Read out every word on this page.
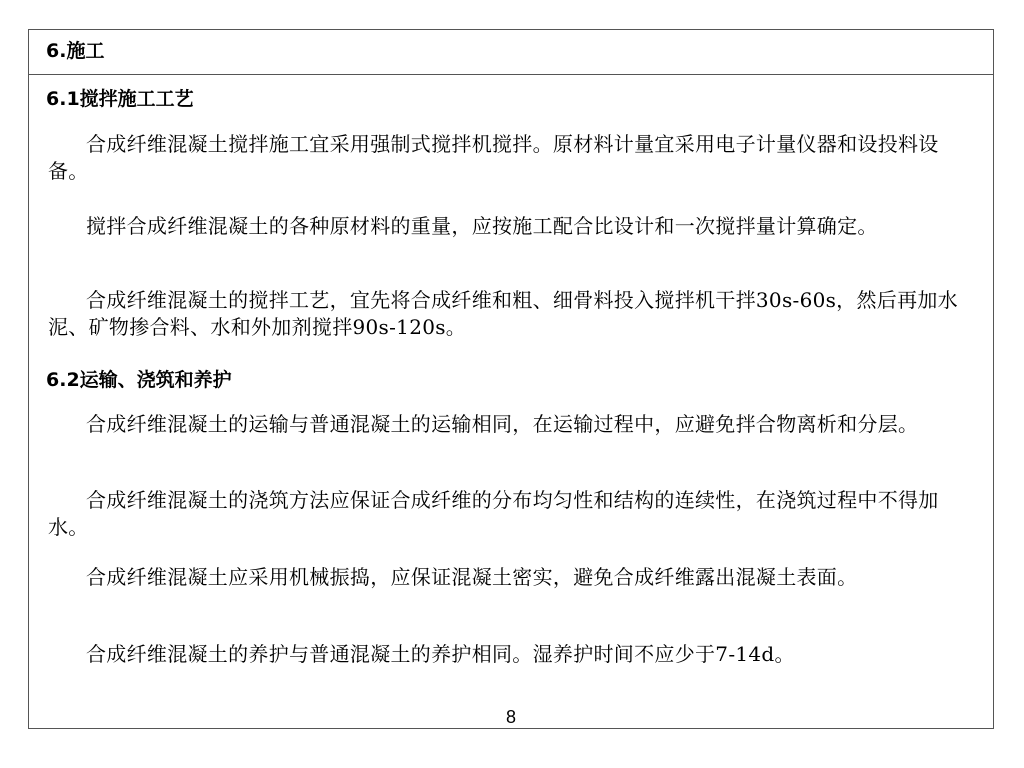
6.施工
6.1搅拌施工工艺
合成纤维混凝土搅拌施工宜采用强制式搅拌机搅拌。原材料计量宜采用电子计量仪器和设投料设备。
搅拌合成纤维混凝土的各种原材料的重量，应按施工配合比设计和一次搅拌量计算确定。
合成纤维混凝土的搅拌工艺，宜先将合成纤维和粗、细骨料投入搅拌机干拌30s-60s，然后再加水泥、矿物掺合料、水和外加剂搅拌90s-120s。
6.2运输、浇筑和养护
合成纤维混凝土的运输与普通混凝土的运输相同，在运输过程中，应避免拌合物离析和分层。
合成纤维混凝土的浇筑方法应保证合成纤维的分布均匀性和结构的连续性，在浇筑过程中不得加水。
合成纤维混凝土应采用机械振捣，应保证混凝土密实，避免合成纤维露出混凝土表面。
合成纤维混凝土的养护与普通混凝土的养护相同。湿养护时间不应少于7-14d。
8
